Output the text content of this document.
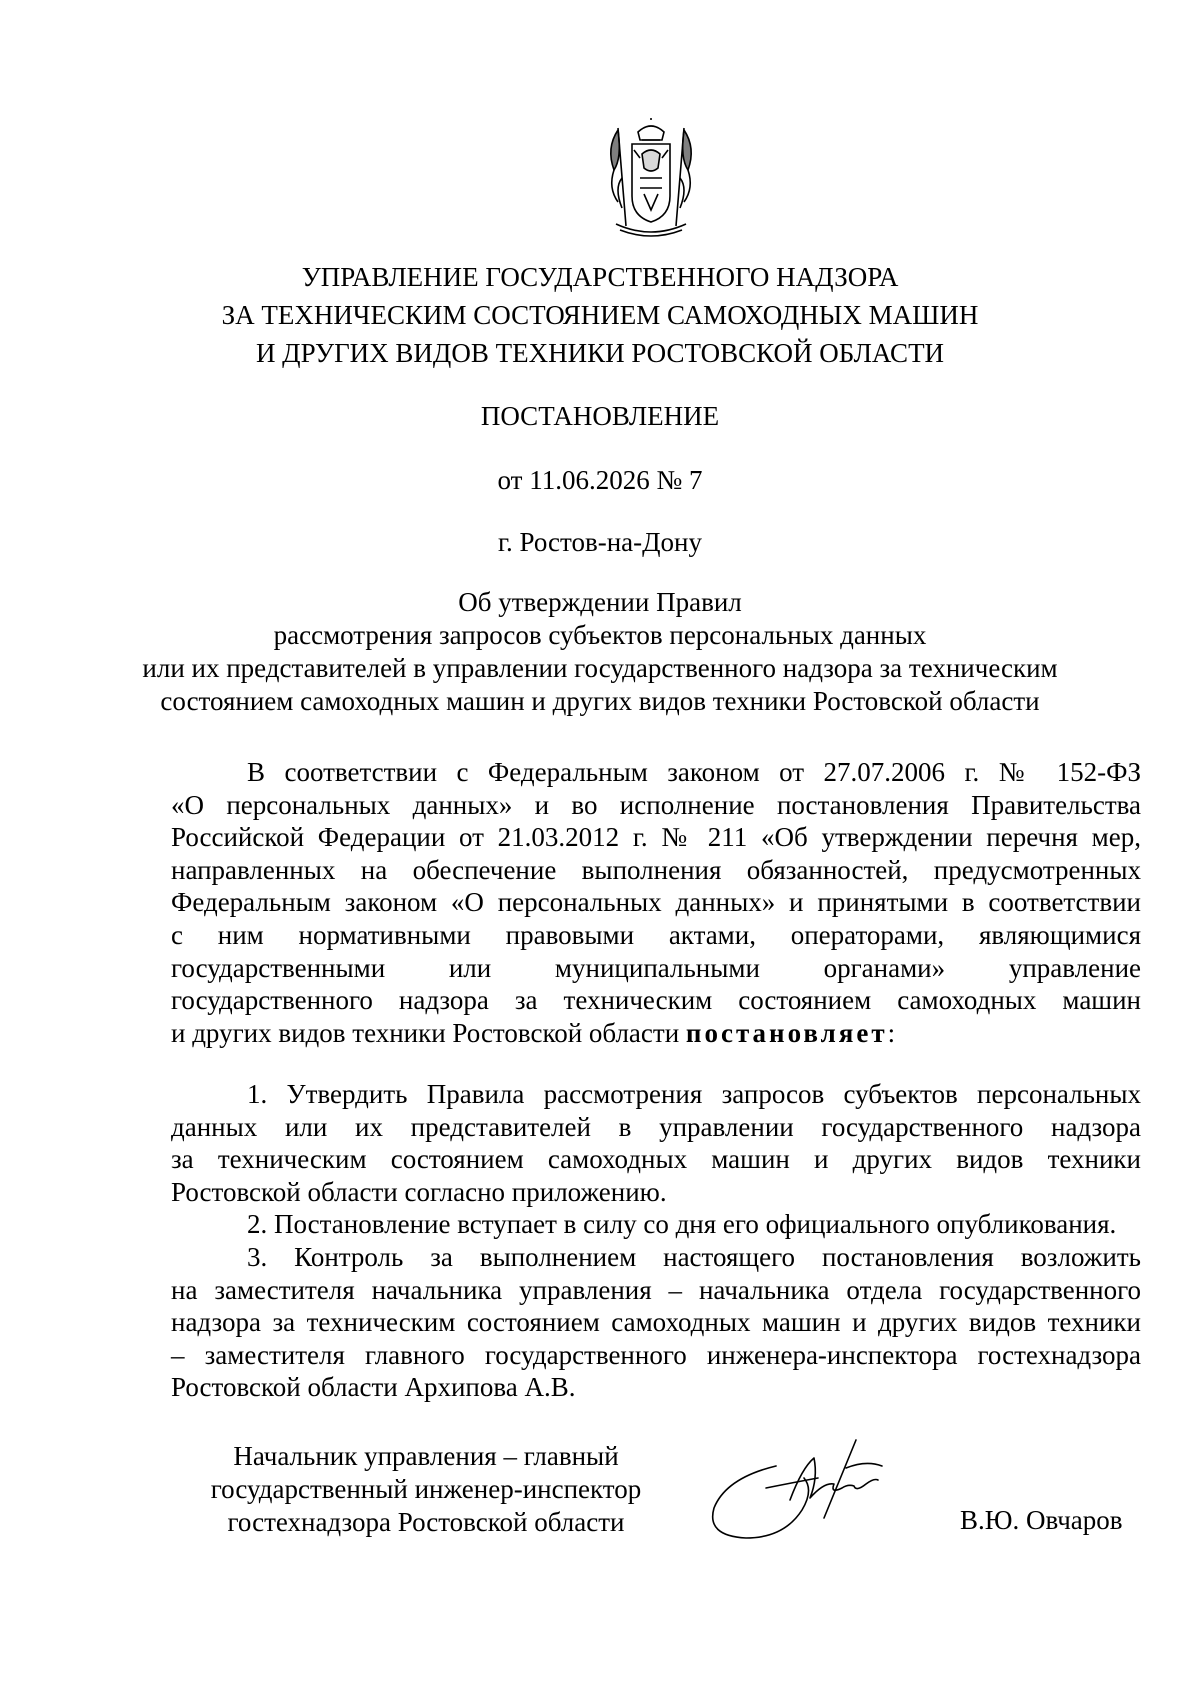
УПРАВЛЕНИЕ ГОСУДАРСТВЕННОГО НАДЗОРА
ЗА ТЕХНИЧЕСКИМ СОСТОЯНИЕМ САМОХОДНЫХ МАШИН
И ДРУГИХ ВИДОВ ТЕХНИКИ РОСТОВСКОЙ ОБЛАСТИ
ПОСТАНОВЛЕНИЕ
от 11.06.2026 № 7
г. Ростов-на-Дону
Об утверждении Правил
рассмотрения запросов субъектов персональных данных
или их представителей в управлении государственного надзора за техническим
состоянием самоходных машин и других видов техники Ростовской области
В соответствии с Федеральным законом от 27.07.2006 г. № 152-ФЗ
«О персональных данных» и во исполнение постановления Правительства
Российской Федерации от 21.03.2012 г. № 211 «Об утверждении перечня мер,
направленных на обеспечение выполнения обязанностей, предусмотренных
Федеральным законом «О персональных данных» и принятыми в соответствии
с ним нормативными правовыми актами, операторами, являющимися
государственными или муниципальными органами» управление
государственного надзора за техническим состоянием самоходных машин
и других видов техники Ростовской области постановляет:
1. Утвердить Правила рассмотрения запросов субъектов персональных
данных или их представителей в управлении государственного надзора
за техническим состоянием самоходных машин и других видов техники
Ростовской области согласно приложению.
2. Постановление вступает в силу со дня его официального опубликования.
3. Контроль за выполнением настоящего постановления возложить
на заместителя начальника управления – начальника отдела государственного
надзора за техническим состоянием самоходных машин и других видов техники
– заместителя главного государственного инженера-инспектора гостехнадзора
Ростовской области Архипова А.В.
Начальник управления – главный
государственный инженер-инспектор
гостехнадзора Ростовской области	В.Ю. Овчаров
